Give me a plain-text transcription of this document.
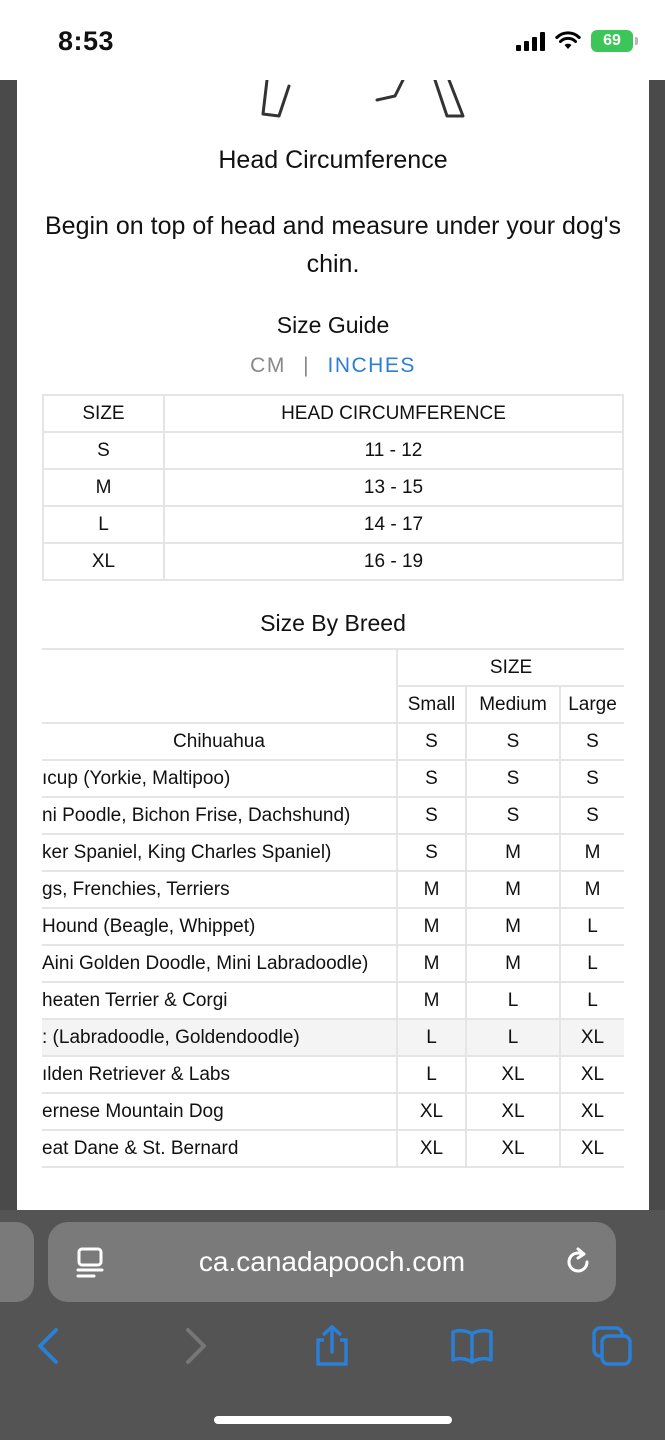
8:53	69
Head Circumference
Begin on top of head and measure under your dog's chin.
Size Guide
CM | INCHES
SIZE	HEAD CIRCUMFERENCE
S	11 - 12
M	13 - 15
L	14 - 17
XL	16 - 19
Size By Breed
	SIZE		
	Small	Medium	Large
Chihuahua	S	S	S
ıcup (Yorkie, Maltipoo)	S	S	S
ni Poodle, Bichon Frise, Dachshund)	S	S	S
ker Spaniel, King Charles Spaniel)	S	M	M
gs, Frenchies, Terriers	M	M	M
Hound (Beagle, Whippet)	M	M	L
Aini Golden Doodle, Mini Labradoodle)	M	M	L
heaten Terrier & Corgi	M	L	L
: (Labradoodle, Goldendoodle)	L	L	XL
ılden Retriever & Labs	L	XL	XL
ernese Mountain Dog	XL	XL	XL
eat Dane & St. Bernard	XL	XL	XL
ca.canadapooch.com
